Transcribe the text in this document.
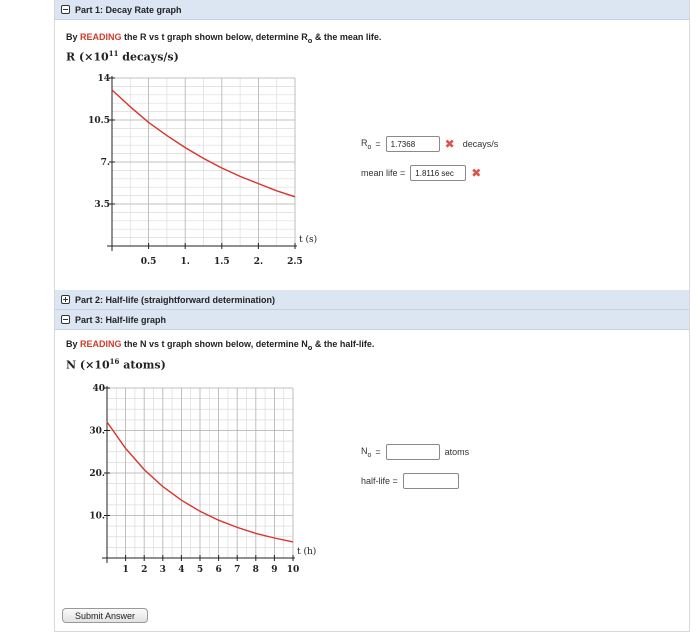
Part 1: Decay Rate graph
By READING the R vs t graph shown below, determine $R_o$ & the mean life.
R ($\times 10^{11}$ decays/s)
0.5	1.	1.5	2.	2.5
3.5
7.
10.5
14
t (s)
$R_o$ =	1.7368	✖ decays/s
mean life =	1.8116 sec	✖
Part 2: Half-life (straightforward determination)
Part 3: Half-life graph
By READING the N vs t graph shown below, determine $N_o$ & the half-life.
N ($\times 10^{16}$ atoms)
1 2 3 4 5 6 7 8 9 10
10.
20.
30.
40
t (h)
$N_o$ =	atoms
half-life =
Submit Answer
